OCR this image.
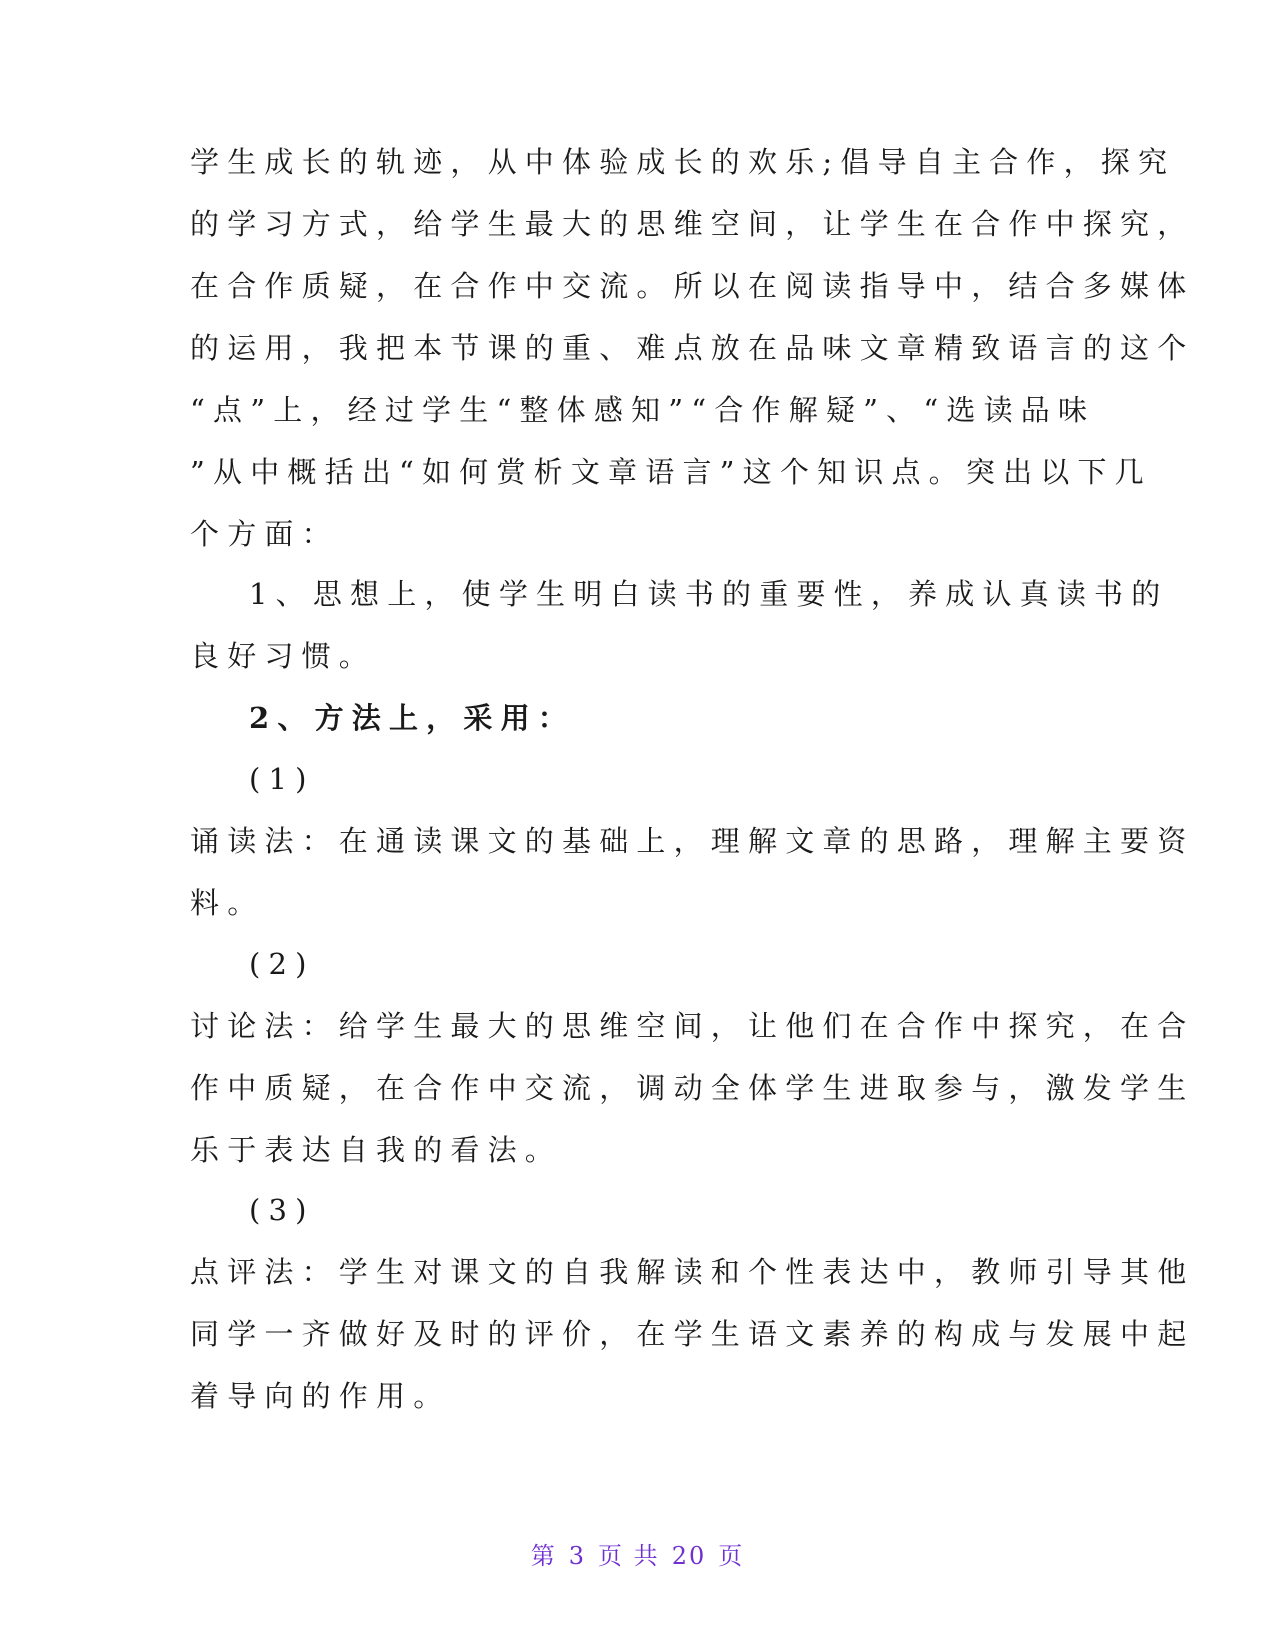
学生成长的轨迹，从中体验成长的欢乐;倡导自主合作，探究
的学习方式，给学生最大的思维空间，让学生在合作中探究，
在合作质疑，在合作中交流。所以在阅读指导中，结合多媒体
的运用，我把本节课的重、难点放在品味文章精致语言的这个
“点”上，经过学生“整体感知”“合作解疑”、“选读品味
”从中概括出“如何赏析文章语言”这个知识点。突出以下几
个方面：
1、思想上，使学生明白读书的重要性，养成认真读书的
良好习惯。
2、方法上，采用：
(1)
诵读法：在通读课文的基础上，理解文章的思路，理解主要资
料。
(2)
讨论法：给学生最大的思维空间，让他们在合作中探究，在合
作中质疑，在合作中交流，调动全体学生进取参与，激发学生
乐于表达自我的看法。
(3)
点评法：学生对课文的自我解读和个性表达中，教师引导其他
同学一齐做好及时的评价，在学生语文素养的构成与发展中起
着导向的作用。
第 3 页 共 20 页
